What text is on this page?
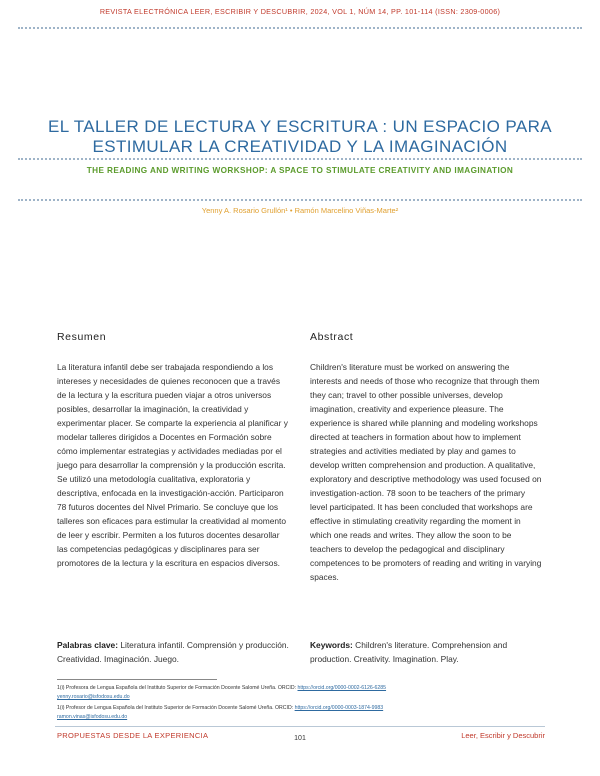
REVISTA ELECTRÓNICA LEER, ESCRIBIR Y DESCUBRIR, 2024, VOL 1, NÚM 14, PP. 101-114 (ISSN: 2309-0006)
EL TALLER DE LECTURA Y ESCRITURA : UN ESPACIO PARA
ESTIMULAR LA CREATIVIDAD Y LA IMAGINACIÓN
THE READING AND WRITING WORKSHOP: A SPACE TO STIMULATE CREATIVITY AND IMAGINATION
Yenny A. Rosario Grullón¹ • Ramón Marcelino Viñas-Marte²
Resumen

La literatura infantil debe ser trabajada respondiendo a los intereses y necesidades de quienes reconocen que a través de la lectura y la escritura pueden viajar a otros universos posibles, desarrollar la imaginación, la creatividad y experimentar placer. Se comparte la experiencia al planificar y modelar talleres dirigidos a Docentes en Formación sobre cómo implementar estrategias y actividades mediadas por el juego para desarrollar la comprensión y la producción escrita. Se utilizó una metodología cualitativa, exploratoria y descriptiva, enfocada en la investigación-acción. Participaron 78 futuros docentes del Nivel Primario. Se concluye que los talleres son eficaces para estimular la creatividad al momento de leer y escribir. Permiten a los futuros docentes desarollar las competencias pedagógicas y disciplinares para ser promotores de la lectura y la escritura en espacios diversos.

Palabras clave: Literatura infantil. Comprensión y producción. Creatividad. Imaginación. Juego.
Abstract

Children's literature must be worked on answering the interests and needs of those who recognize that through them they can; travel to other possible universes, develop imagination, creativity and experience pleasure. The experience is shared while planning and modeling workshops directed at teachers in formation about how to implement strategies and activities mediated by play and games to develop written comprehension and production. A qualitative, exploratory and descriptive methodology was used focused on investigation-action. 78 soon to be teachers of the primary level participated. It has been concluded that workshops are effective in stimulating creativity regarding the moment in which one reads and writes. They allow the soon to be teachers to develop the pedagogical and disciplinary competences to be promoters of reading and writing in varying spaces.

Keywords: Children's literature. Comprehension and production. Creativity. Imagination. Play.
1(i) Profesora de Lengua Española del Instituto Superior de Formación Docente Salomé Ureña. ORCID: https://orcid.org/0000-0002-6126-6285
yenny.rosario@isfodosu.edu.do
1(i) Profesor de Lengua Española del Instituto Superior de Formación Docente Salomé Ureña. ORCID: https://orcid.org/0000-0003-1874-9983
ramon.vinas@isfodosu.edu.do
PROPUESTAS DESDE LA EXPERIENCIA	101	Leer, Escribir y Descubrir
